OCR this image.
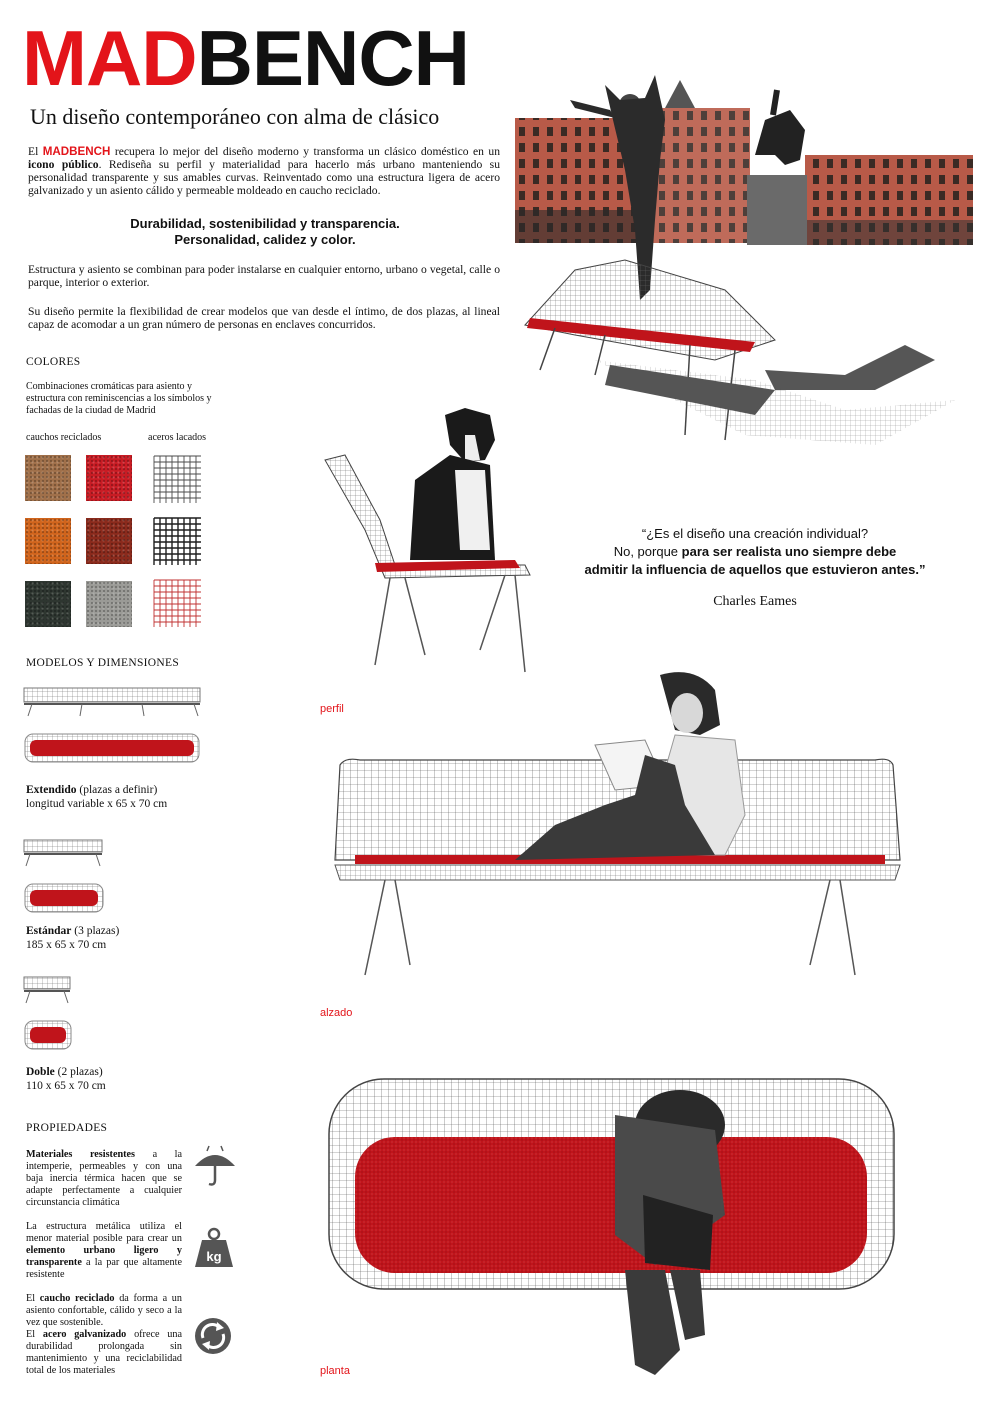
MADBENCH
Un diseño contemporáneo con alma de clásico
El MADBENCH recupera lo mejor del diseño moderno y transforma un clásico doméstico en un icono público. Rediseña su perfil y materialidad para hacerlo más urbano manteniendo su personalidad transparente y sus amables curvas. Reinventado como una estructura ligera de acero galvanizado y un asiento cálido y permeable moldeado en caucho reciclado.
Durabilidad, sostenibilidad y transparencia.
Personalidad, calidez y color.
Estructura y asiento se combinan para poder instalarse en cualquier entorno, urbano o vegetal, calle o parque, interior o exterior.
Su diseño permite la flexibilidad de crear modelos que van desde el íntimo, de dos plazas, al lineal capaz de acomodar a un gran número de personas en enclaves concurridos.
COLORES
Combinaciones cromáticas para asiento y estructura con reminiscencias a los símbolos y fachadas de la ciudad de Madrid
cauchos reciclados	aceros lacados
perfil
“¿Es el diseño una creación individual?
No, porque para ser realista uno siempre debe
admitir la influencia de aquellos que estuvieron antes.”
Charles Eames
MODELOS Y DIMENSIONES
Extendido (plazas a definir)
longitud variable x 65 x 70 cm
Estándar (3 plazas)
185 x 65 x 70 cm
Doble (2 plazas)
110 x 65 x 70 cm
alzado
planta
PROPIEDADES
Materiales resistentes a la intemperie, permeables y con una baja inercia térmica hacen que se adapte perfectamente a cualquier circunstancia climática
La estructura metálica utiliza el menor material posible para crear un elemento urbano ligero y transparente a la par que altamente resistente
kg
El caucho reciclado da forma a un asiento confortable, cálido y seco a la vez que sostenible.
El acero galvanizado ofrece una durabilidad prolongada sin mantenimiento y una reciclabilidad total de los materiales
